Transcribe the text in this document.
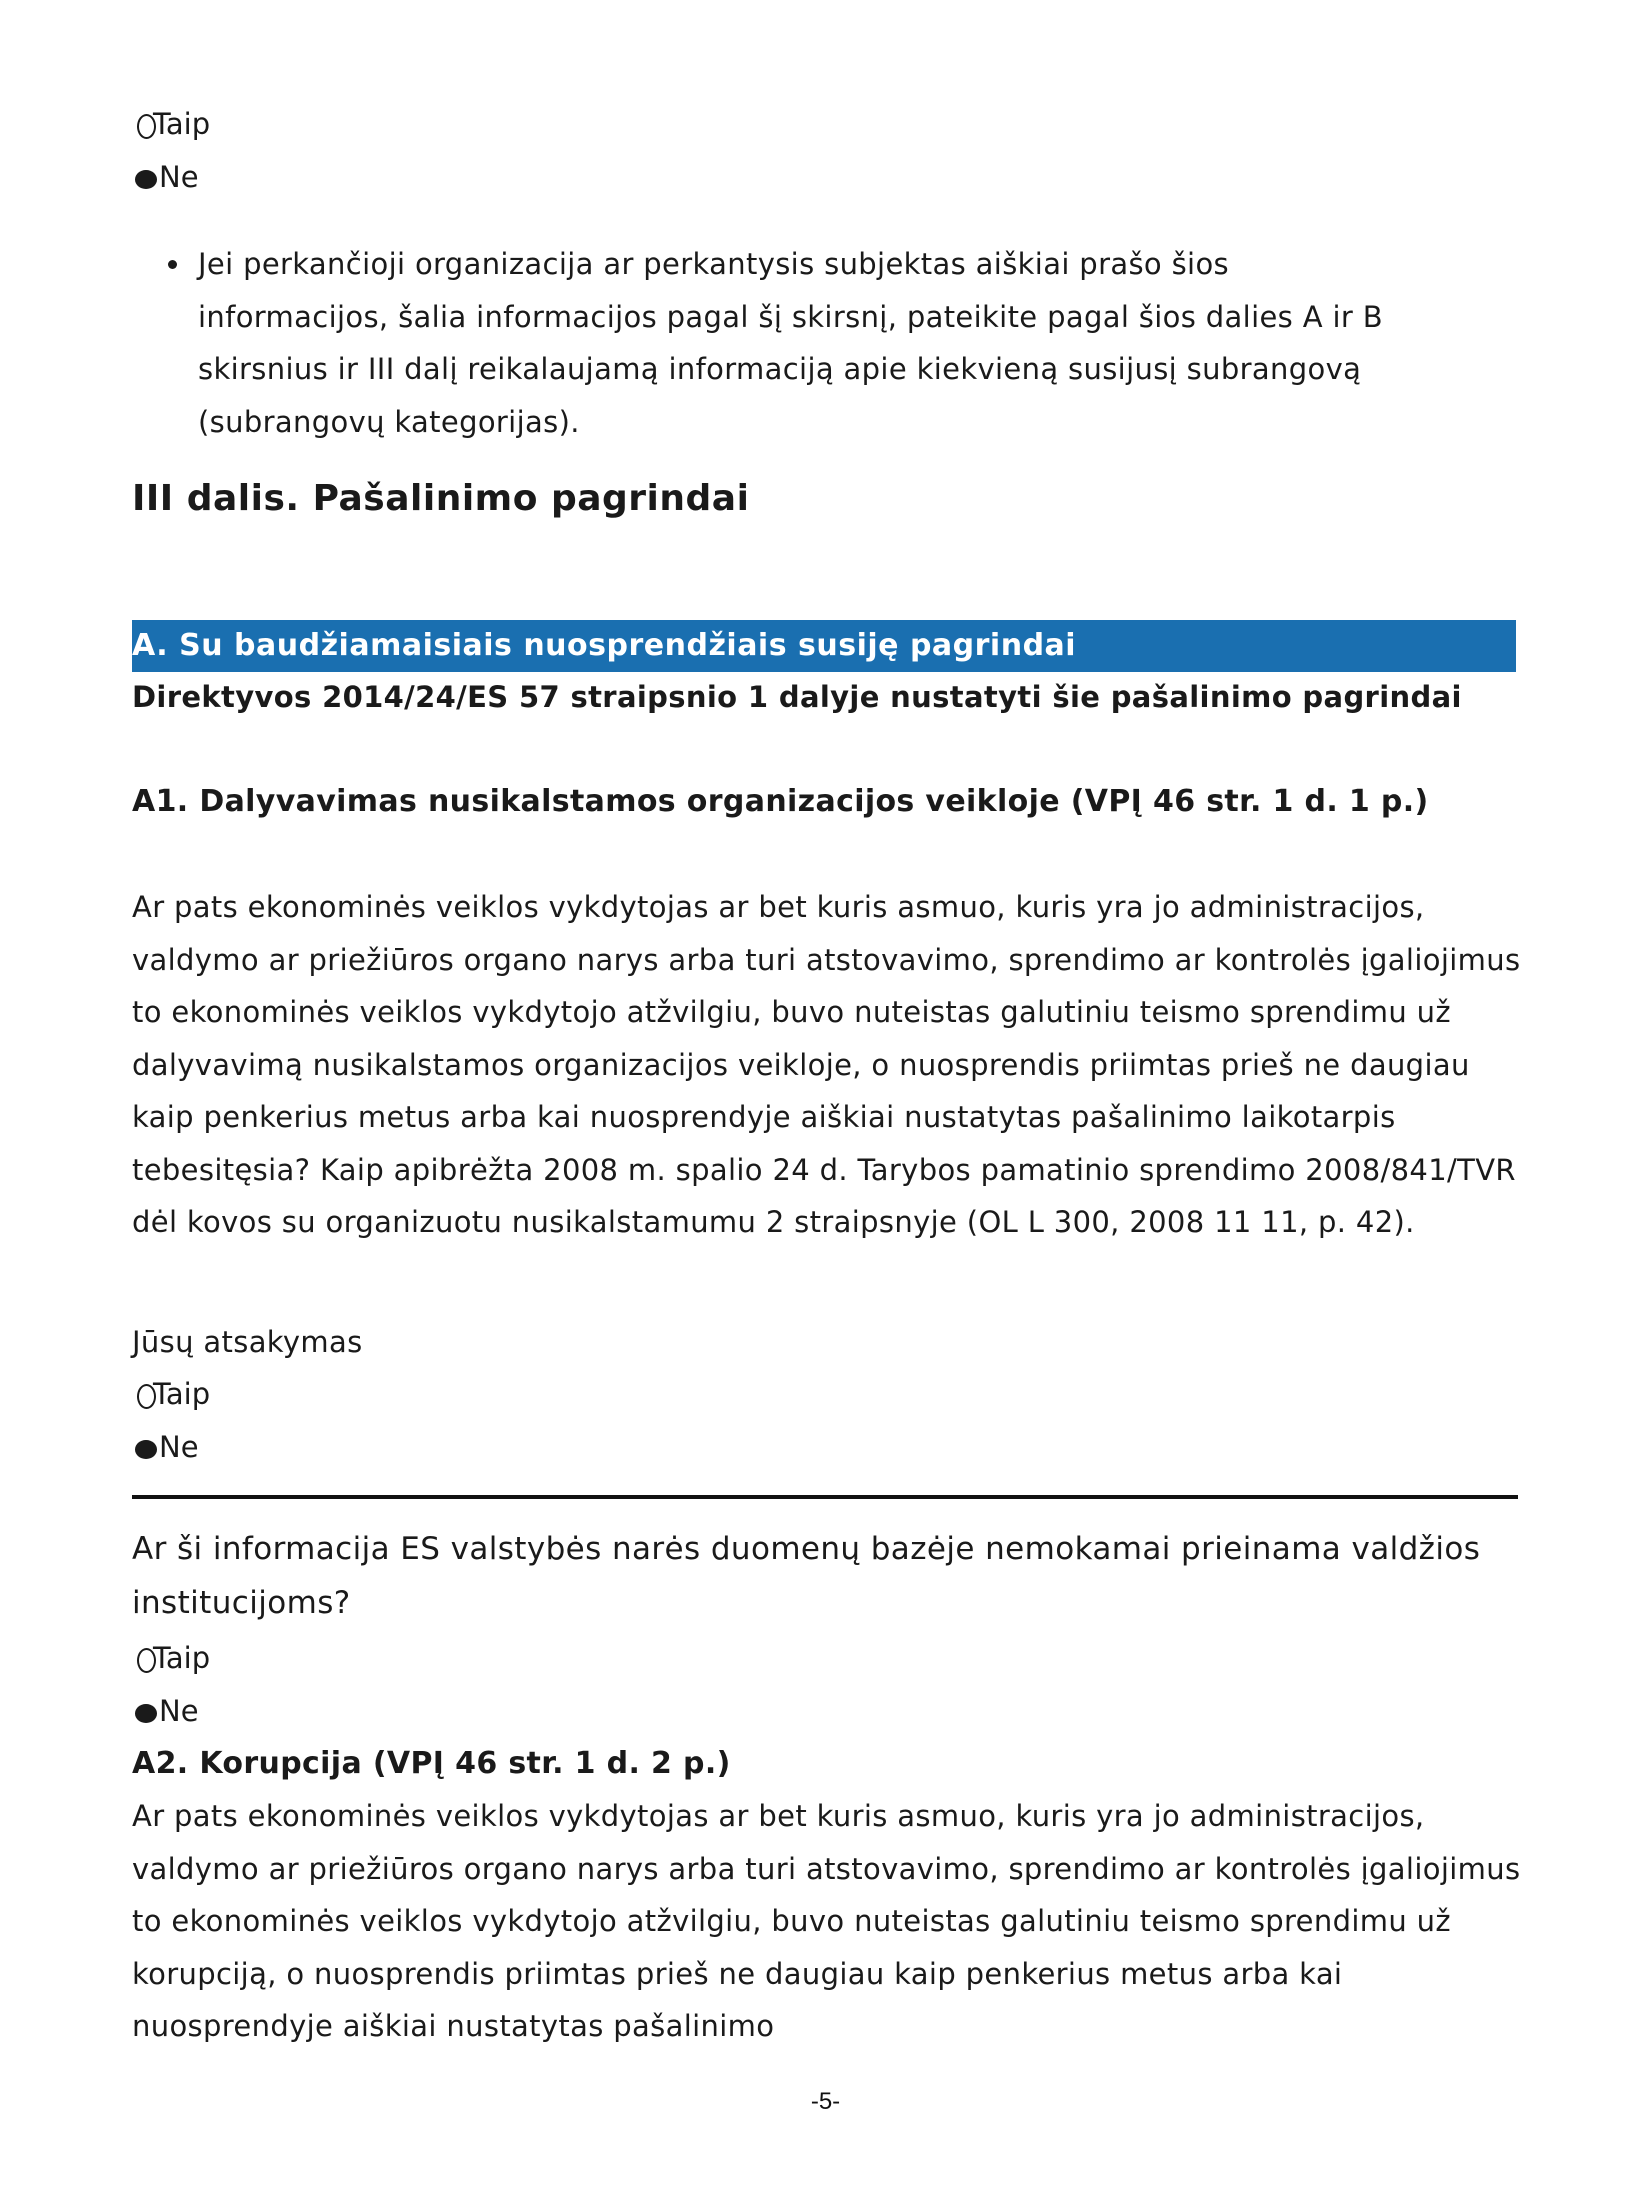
Taip
Ne
Jei perkančioji organizacija ar perkantysis subjektas aiškiai prašo šios informacijos, šalia informacijos pagal šį skirsnį, pateikite pagal šios dalies A ir B skirsnius ir III dalį reikalaujamą informaciją apie kiekvieną susijusį subrangovą (subrangovų kategorijas).
III dalis. Pašalinimo pagrindai
A. Su baudžiamaisiais nuosprendžiais susiję pagrindai
Direktyvos 2014/24/ES 57 straipsnio 1 dalyje nustatyti šie pašalinimo pagrindai
A1. Dalyvavimas nusikalstamos organizacijos veikloje (VPĮ 46 str. 1 d. 1 p.)
Ar pats ekonominės veiklos vykdytojas ar bet kuris asmuo, kuris yra jo administracijos, valdymo ar priežiūros organo narys arba turi atstovavimo, sprendimo ar kontrolės įgaliojimus to ekonominės veiklos vykdytojo atžvilgiu, buvo nuteistas galutiniu teismo sprendimu už dalyvavimą nusikalstamos organizacijos veikloje, o nuosprendis priimtas prieš ne daugiau kaip penkerius metus arba kai nuosprendyje aiškiai nustatytas pašalinimo laikotarpis tebesitęsia? Kaip apibrėžta 2008 m. spalio 24 d. Tarybos pamatinio sprendimo 2008/841/TVR dėl kovos su organizuotu nusikalstamumu 2 straipsnyje (OL L 300, 2008 11 11, p. 42).
Jūsų atsakymas
Taip
Ne
Ar ši informacija ES valstybės narės duomenų bazėje nemokamai prieinama valdžios institucijoms?
Taip
Ne
A2. Korupcija (VPĮ 46 str. 1 d. 2 p.)
Ar pats ekonominės veiklos vykdytojas ar bet kuris asmuo, kuris yra jo administracijos, valdymo ar priežiūros organo narys arba turi atstovavimo, sprendimo ar kontrolės įgaliojimus to ekonominės veiklos vykdytojo atžvilgiu, buvo nuteistas galutiniu teismo sprendimu už korupciją, o nuosprendis priimtas prieš ne daugiau kaip penkerius metus arba kai nuosprendyje aiškiai nustatytas pašalinimo
-5-
